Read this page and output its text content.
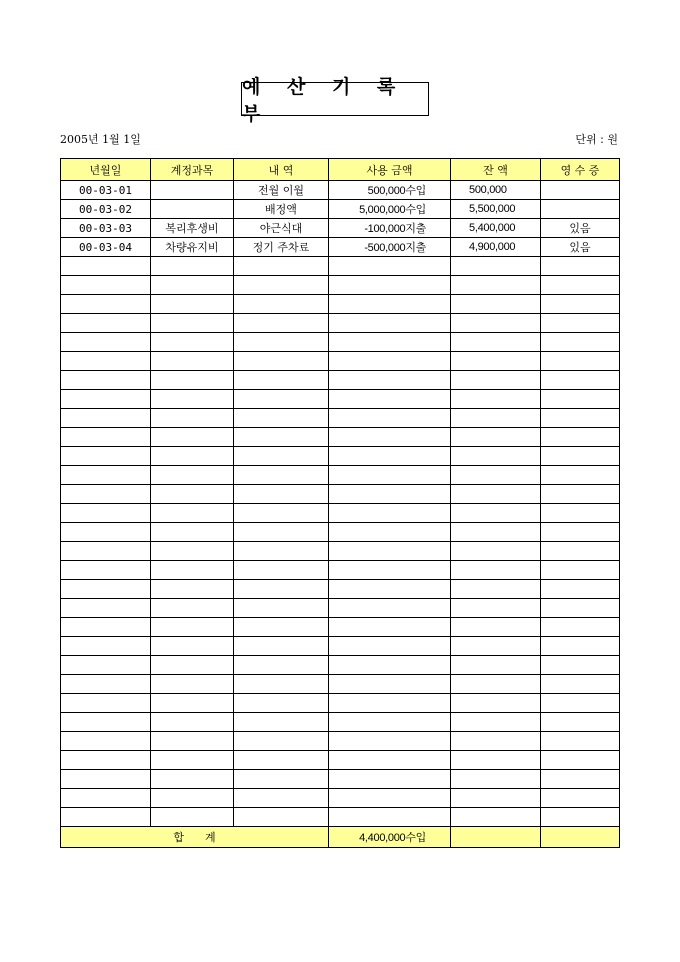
예 산 기 록 부
2005년 1월 1일	단위 : 원
년월일	계정과목	내 역	사용 금액	잔 액	영 수 증
00-03-01		전월 이월	500,000수입	500,000	
00-03-02		배정액	5,000,000수입	5,500,000	
00-03-03	복리후생비	야근식대	-100,000지출	5,400,000	있음
00-03-04	차량유지비	정기 주차료	-500,000지출	4,900,000	있음

합      계			4,400,000수입		
